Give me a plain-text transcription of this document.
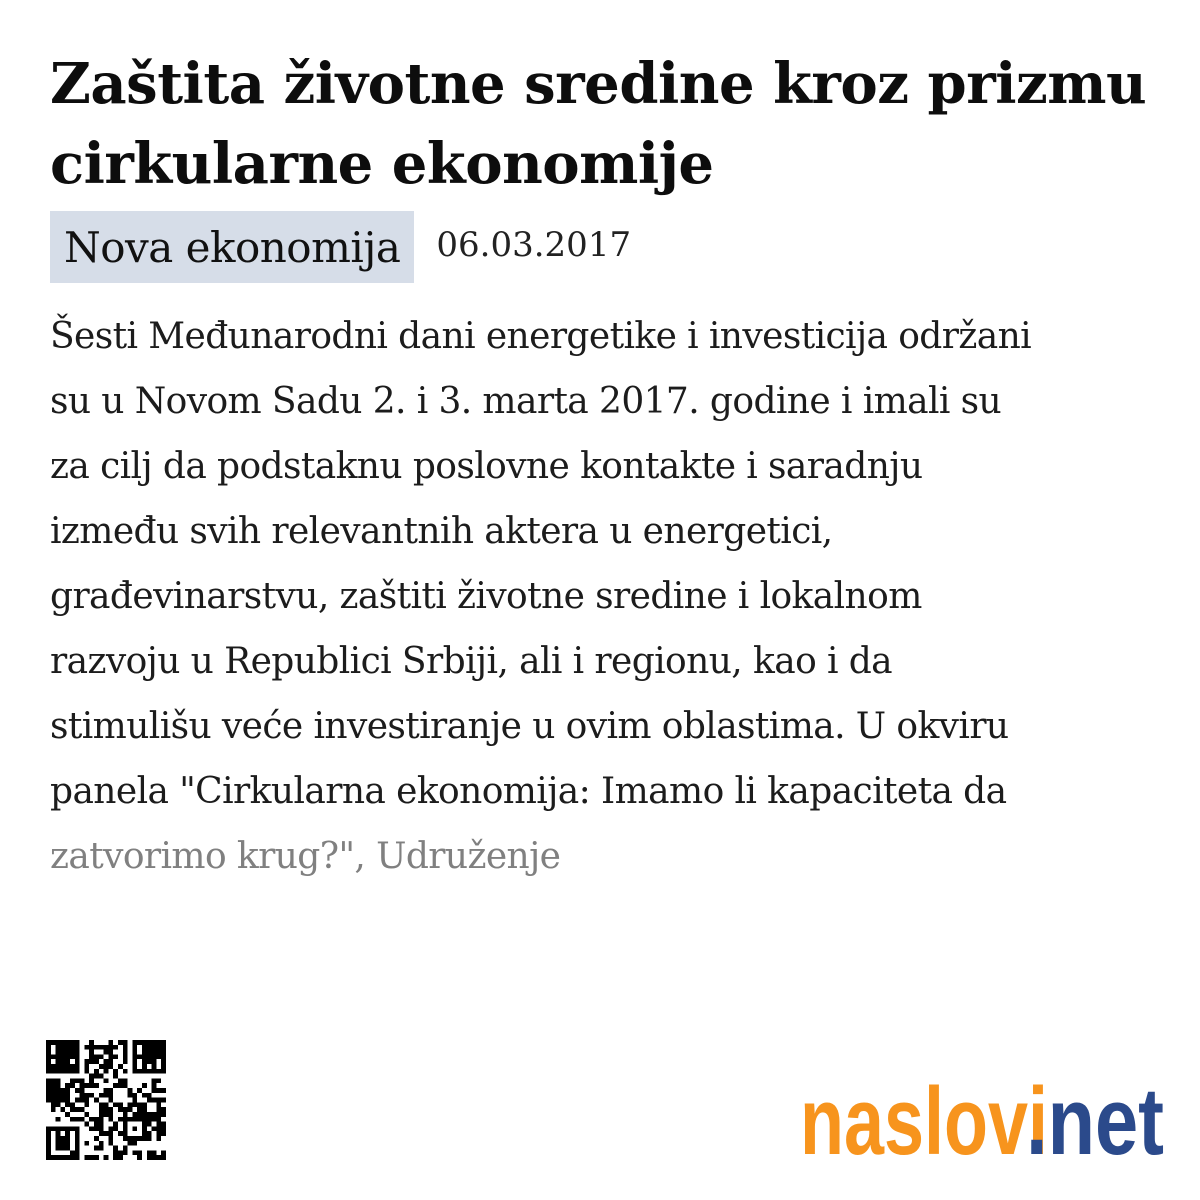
Zaštita životne sredine kroz prizmu cirkularne ekonomije
Nova ekonomija	06.03.2017

Šesti Međunarodni dani energetike i investicija održani
su u Novom Sadu 2. i 3. marta 2017. godine i imali su
za cilj da podstaknu poslovne kontakte i saradnju
između svih relevantnih aktera u energetici,
građevinarstvu, zaštiti životne sredine i lokalnom
razvoju u Republici Srbiji, ali i regionu, kao i da
stimulišu veće investiranje u ovim oblastima. U okviru
panela "Cirkularna ekonomija: Imamo li kapaciteta da
zatvorimo krug?", Udruženje

naslovi
.net
